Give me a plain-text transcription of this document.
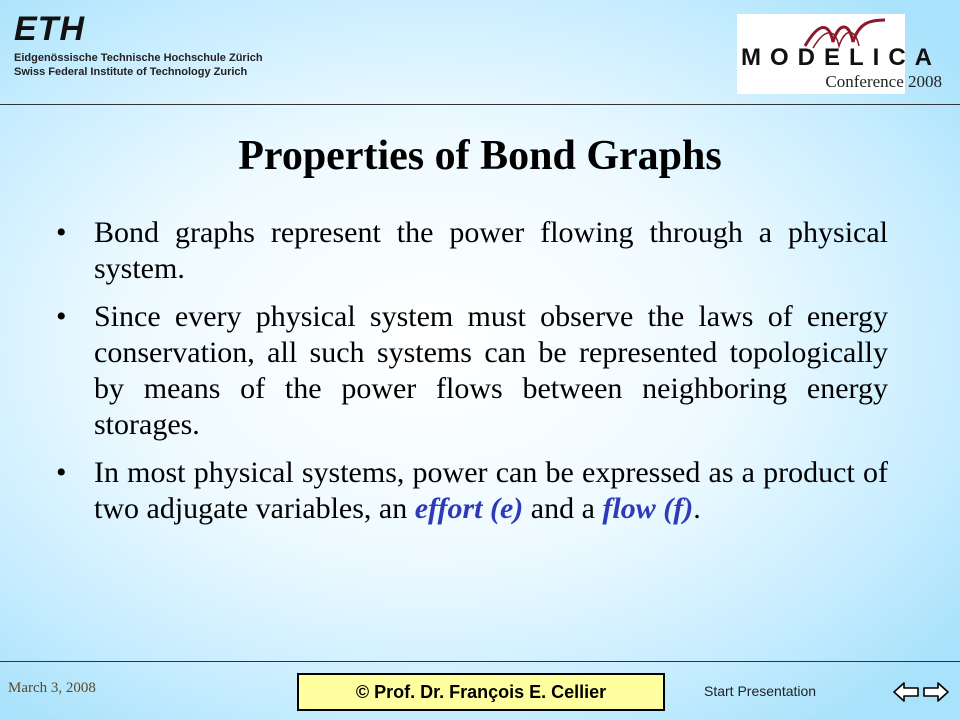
ETH
Eidgenössische Technische Hochschule Zürich
Swiss Federal Institute of Technology Zurich
MODELICA
Conference 2008
Properties of Bond Graphs
• Bond graphs represent the power flowing through a physical system.
• Since every physical system must observe the laws of energy conservation, all such systems can be represented topologically by means of the power flows between neighboring energy storages.
• In most physical systems, power can be expressed as a product of two adjugate variables, an effort (e) and a flow (f).
March 3, 2008	© Prof. Dr. François E. Cellier	Start Presentation
